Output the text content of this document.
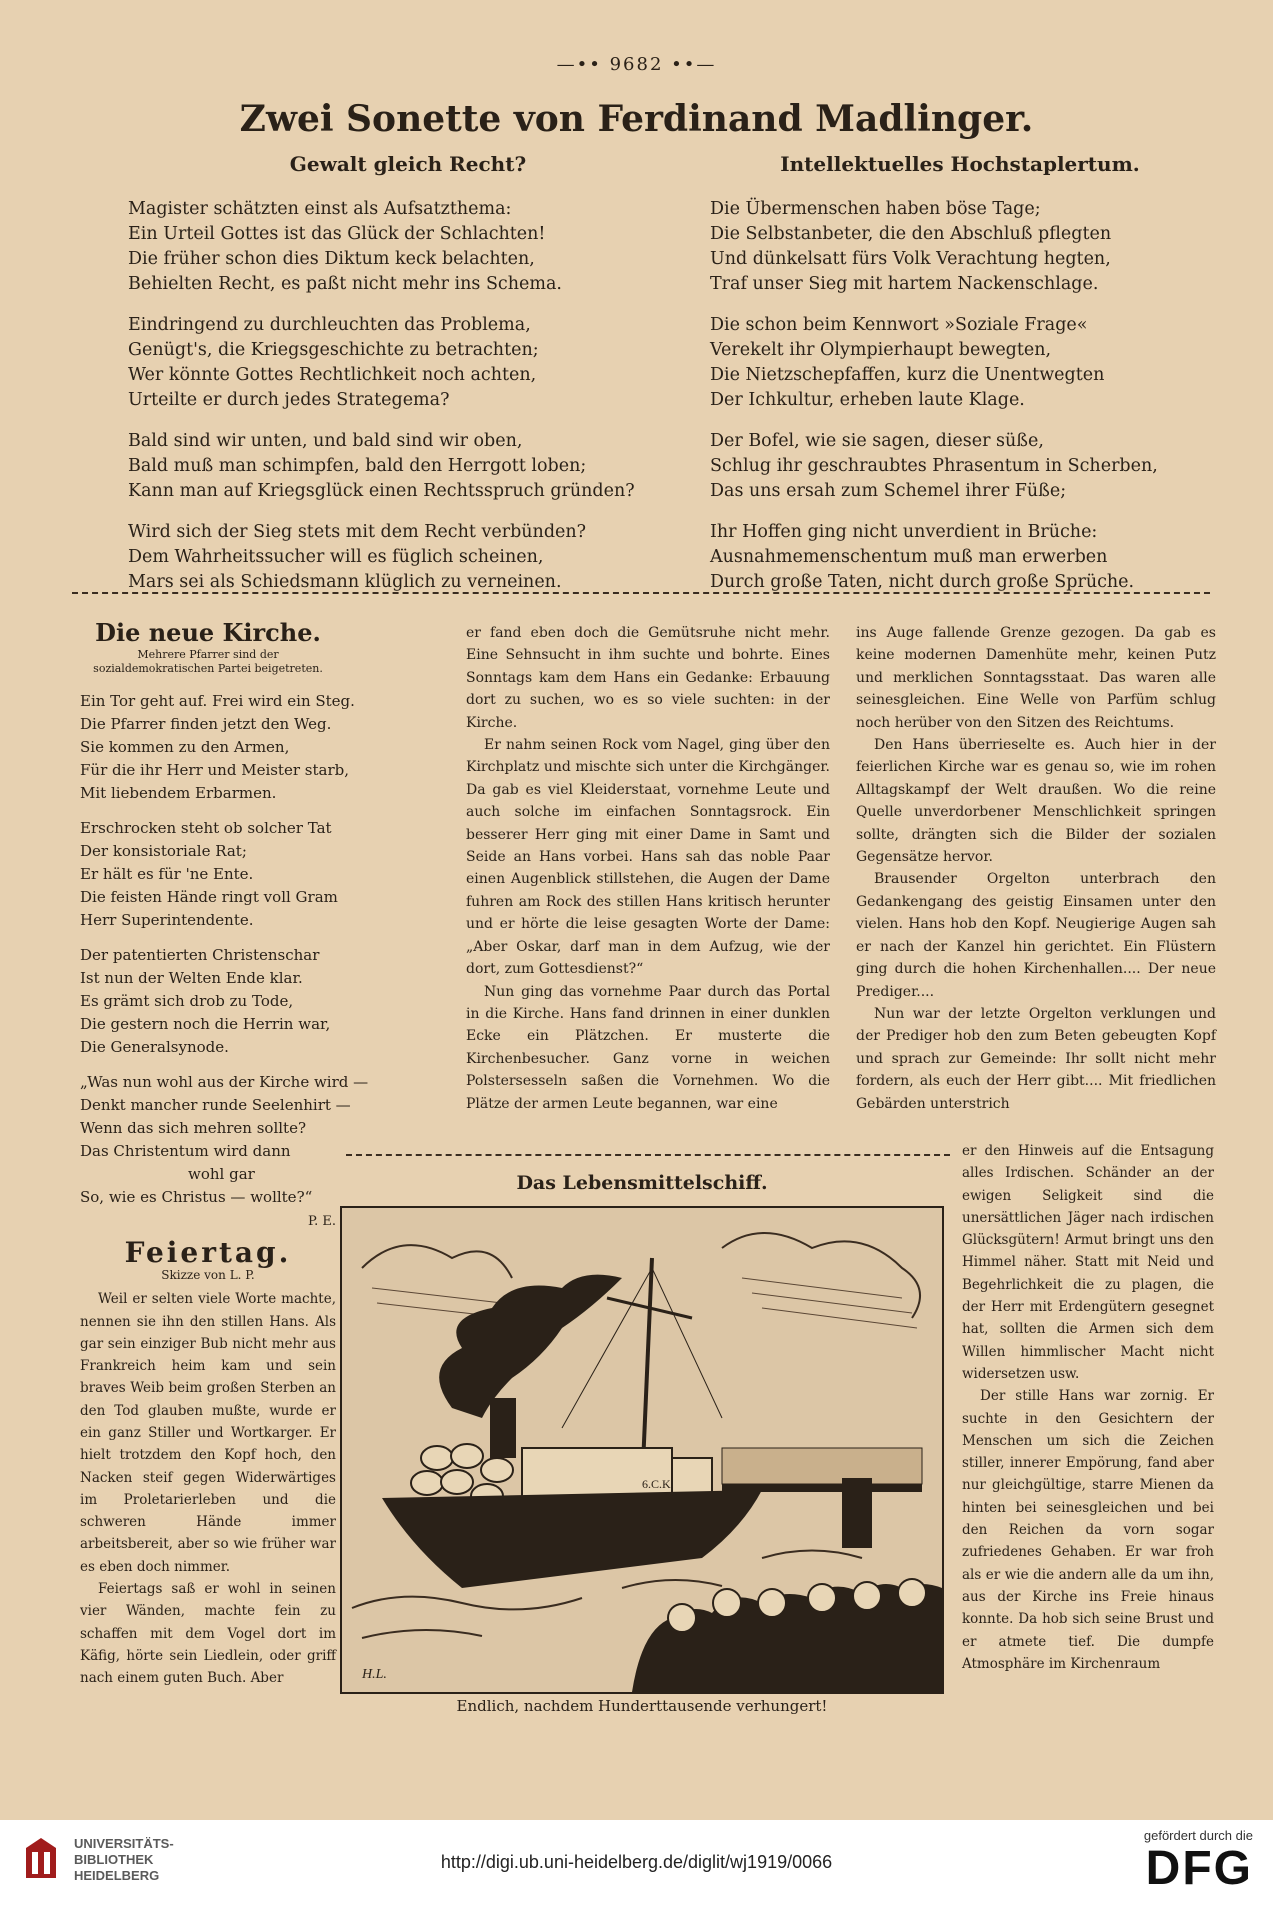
—•• 9682 ••—
Zwei Sonette von Ferdinand Madlinger.
Gewalt gleich Recht?
Magister schätzten einst als Aufsatzthema:
Ein Urteil Gottes ist das Glück der Schlachten!
Die früher schon dies Diktum keck belachten,
Behielten Recht, es paßt nicht mehr ins Schema.
Eindringend zu durchleuchten das Problema,
Genügt's, die Kriegsgeschichte zu betrachten;
Wer könnte Gottes Rechtlichkeit noch achten,
Urteilte er durch jedes Strategema?
Bald sind wir unten, und bald sind wir oben,
Bald muß man schimpfen, bald den Herrgott loben;
Kann man auf Kriegsglück einen Rechtsspruch gründen?
Wird sich der Sieg stets mit dem Recht verbünden?
Dem Wahrheitssucher will es füglich scheinen,
Mars sei als Schiedsmann klüglich zu verneinen.
Intellektuelles Hochstaplertum.
Die Übermenschen haben böse Tage;
Die Selbstanbeter, die den Abschluß pflegten
Und dünkelsatt fürs Volk Verachtung hegten,
Traf unser Sieg mit hartem Nackenschlage.
Die schon beim Kennwort »Soziale Frage«
Verekelt ihr Olympierhaupt bewegten,
Die Nietzschepfaffen, kurz die Unentwegten
Der Ichkultur, erheben laute Klage.
Der Bofel, wie sie sagen, dieser süße,
Schlug ihr geschraubtes Phrasentum in Scherben,
Das uns ersah zum Schemel ihrer Füße;
Ihr Hoffen ging nicht unverdient in Brüche:
Ausnahmemenschentum muß man erwerben
Durch große Taten, nicht durch große Sprüche.
Die neue Kirche.
Mehrere Pfarrer sind der sozialdemokratischen Partei beigetreten.
Ein Tor geht auf. Frei wird ein Steg.
Die Pfarrer finden jetzt den Weg.
Sie kommen zu den Armen,
Für die ihr Herr und Meister starb,
Mit liebendem Erbarmen.
Erschrocken steht ob solcher Tat
Der konsistoriale Rat;
Er hält es für 'ne Ente.
Die feisten Hände ringt voll Gram
Herr Superintendente.
Der patentierten Christenschar
Ist nun der Welten Ende klar.
Es grämt sich drob zu Tode,
Die gestern noch die Herrin war,
Die Generalsynode.
„Was nun wohl aus der Kirche wird —
Denkt mancher runde Seelenhirt —
Wenn das sich mehren sollte?
Das Christentum wird dann
wohl gar
So, wie es Christus — wollte?“
P. E.
Feiertag.
Skizze von L. P.

Weil er selten viele Worte machte, nennen sie ihn den stillen Hans. Als gar sein einziger Bub nicht mehr aus Frankreich heim kam und sein braves Weib beim großen Sterben an den Tod glauben mußte, wurde er ein ganz Stiller und Wortkarger. Er hielt trotzdem den Kopf hoch, den Nacken steif gegen Widerwärtiges im Proletarierleben und die schweren Hände immer arbeitsbereit, aber so wie früher war es eben doch nimmer.

Feiertags saß er wohl in seinen vier Wänden, machte fein zu schaffen mit dem Vogel dort im Käfig, hörte sein Liedlein, oder griff nach einem guten Buch. Aber

er fand eben doch die Gemütsruhe nicht mehr. Eine Sehnsucht in ihm suchte und bohrte. Eines Sonntags kam dem Hans ein Gedanke: Erbauung dort zu suchen, wo es so viele suchten: in der Kirche.

Er nahm seinen Rock vom Nagel, ging über den Kirchplatz und mischte sich unter die Kirchgänger. Da gab es viel Kleiderstaat, vornehme Leute und auch solche im einfachen Sonntagsrock. Ein besserer Herr ging mit einer Dame in Samt und Seide an Hans vorbei. Hans sah das noble Paar einen Augenblick stillstehen, die Augen der Dame fuhren am Rock des stillen Hans kritisch herunter und er hörte die leise gesagten Worte der Dame: „Aber Oskar, darf man in dem Aufzug, wie der dort, zum Gottesdienst?“

Nun ging das vornehme Paar durch das Portal in die Kirche. Hans fand drinnen in einer dunklen Ecke ein Plätzchen. Er musterte die Kirchenbesucher. Ganz vorne in weichen Polstersesseln saßen die Vornehmen. Wo die Plätze der armen Leute begannen, war eine

ins Auge fallende Grenze gezogen. Da gab es keine modernen Damenhüte mehr, keinen Putz und merklichen Sonntagsstaat. Das waren alle seinesgleichen. Eine Welle von Parfüm schlug noch herüber von den Sitzen des Reichtums.

Den Hans überrieselte es. Auch hier in der feierlichen Kirche war es genau so, wie im rohen Alltagskampf der Welt draußen. Wo die reine Quelle unverdorbener Menschlichkeit springen sollte, drängten sich die Bilder der sozialen Gegensätze hervor.

Brausender Orgelton unterbrach den Gedankengang des geistig Einsamen unter den vielen. Hans hob den Kopf. Neugierige Augen sah er nach der Kanzel hin gerichtet. Ein Flüstern ging durch die hohen Kirchenhallen.... Der neue Prediger....

Nun war der letzte Orgelton verklungen und der Prediger hob den zum Beten gebeugten Kopf und sprach zur Gemeinde: Ihr sollt nicht mehr fordern, als euch der Herr gibt.... Mit friedlichen Gebärden unterstrich

er den Hinweis auf die Entsagung alles Irdischen. Schänder an der ewigen Seligkeit sind die unersättlichen Jäger nach irdischen Glücksgütern! Armut bringt uns den Himmel näher. Statt mit Neid und Begehrlichkeit die zu plagen, die der Herr mit Erdengütern gesegnet hat, sollten die Armen sich dem Willen himmlischer Macht nicht widersetzen usw.

Der stille Hans war zornig. Er suchte in den Gesichtern der Menschen um sich die Zeichen stiller, innerer Empörung, fand aber nur gleichgültige, starre Mienen da hinten bei seinesgleichen und bei den Reichen da vorn sogar zufriedenes Gehaben. Er war froh als er wie die andern alle da um ihn, aus der Kirche ins Freie hinaus konnte. Da hob sich seine Brust und er atmete tief. Die dumpfe Atmosphäre im Kirchenraum

Das Lebensmittelschiff.
6.C.K
H.L.
Endlich, nachdem Hunderttausende verhungert!
UNIVERSITÄTS-
BIBLIOTHEK
HEIDELBERG
http://digi.ub.uni-heidelberg.de/diglit/wj1919/0066
gefördert durch die
DFG
